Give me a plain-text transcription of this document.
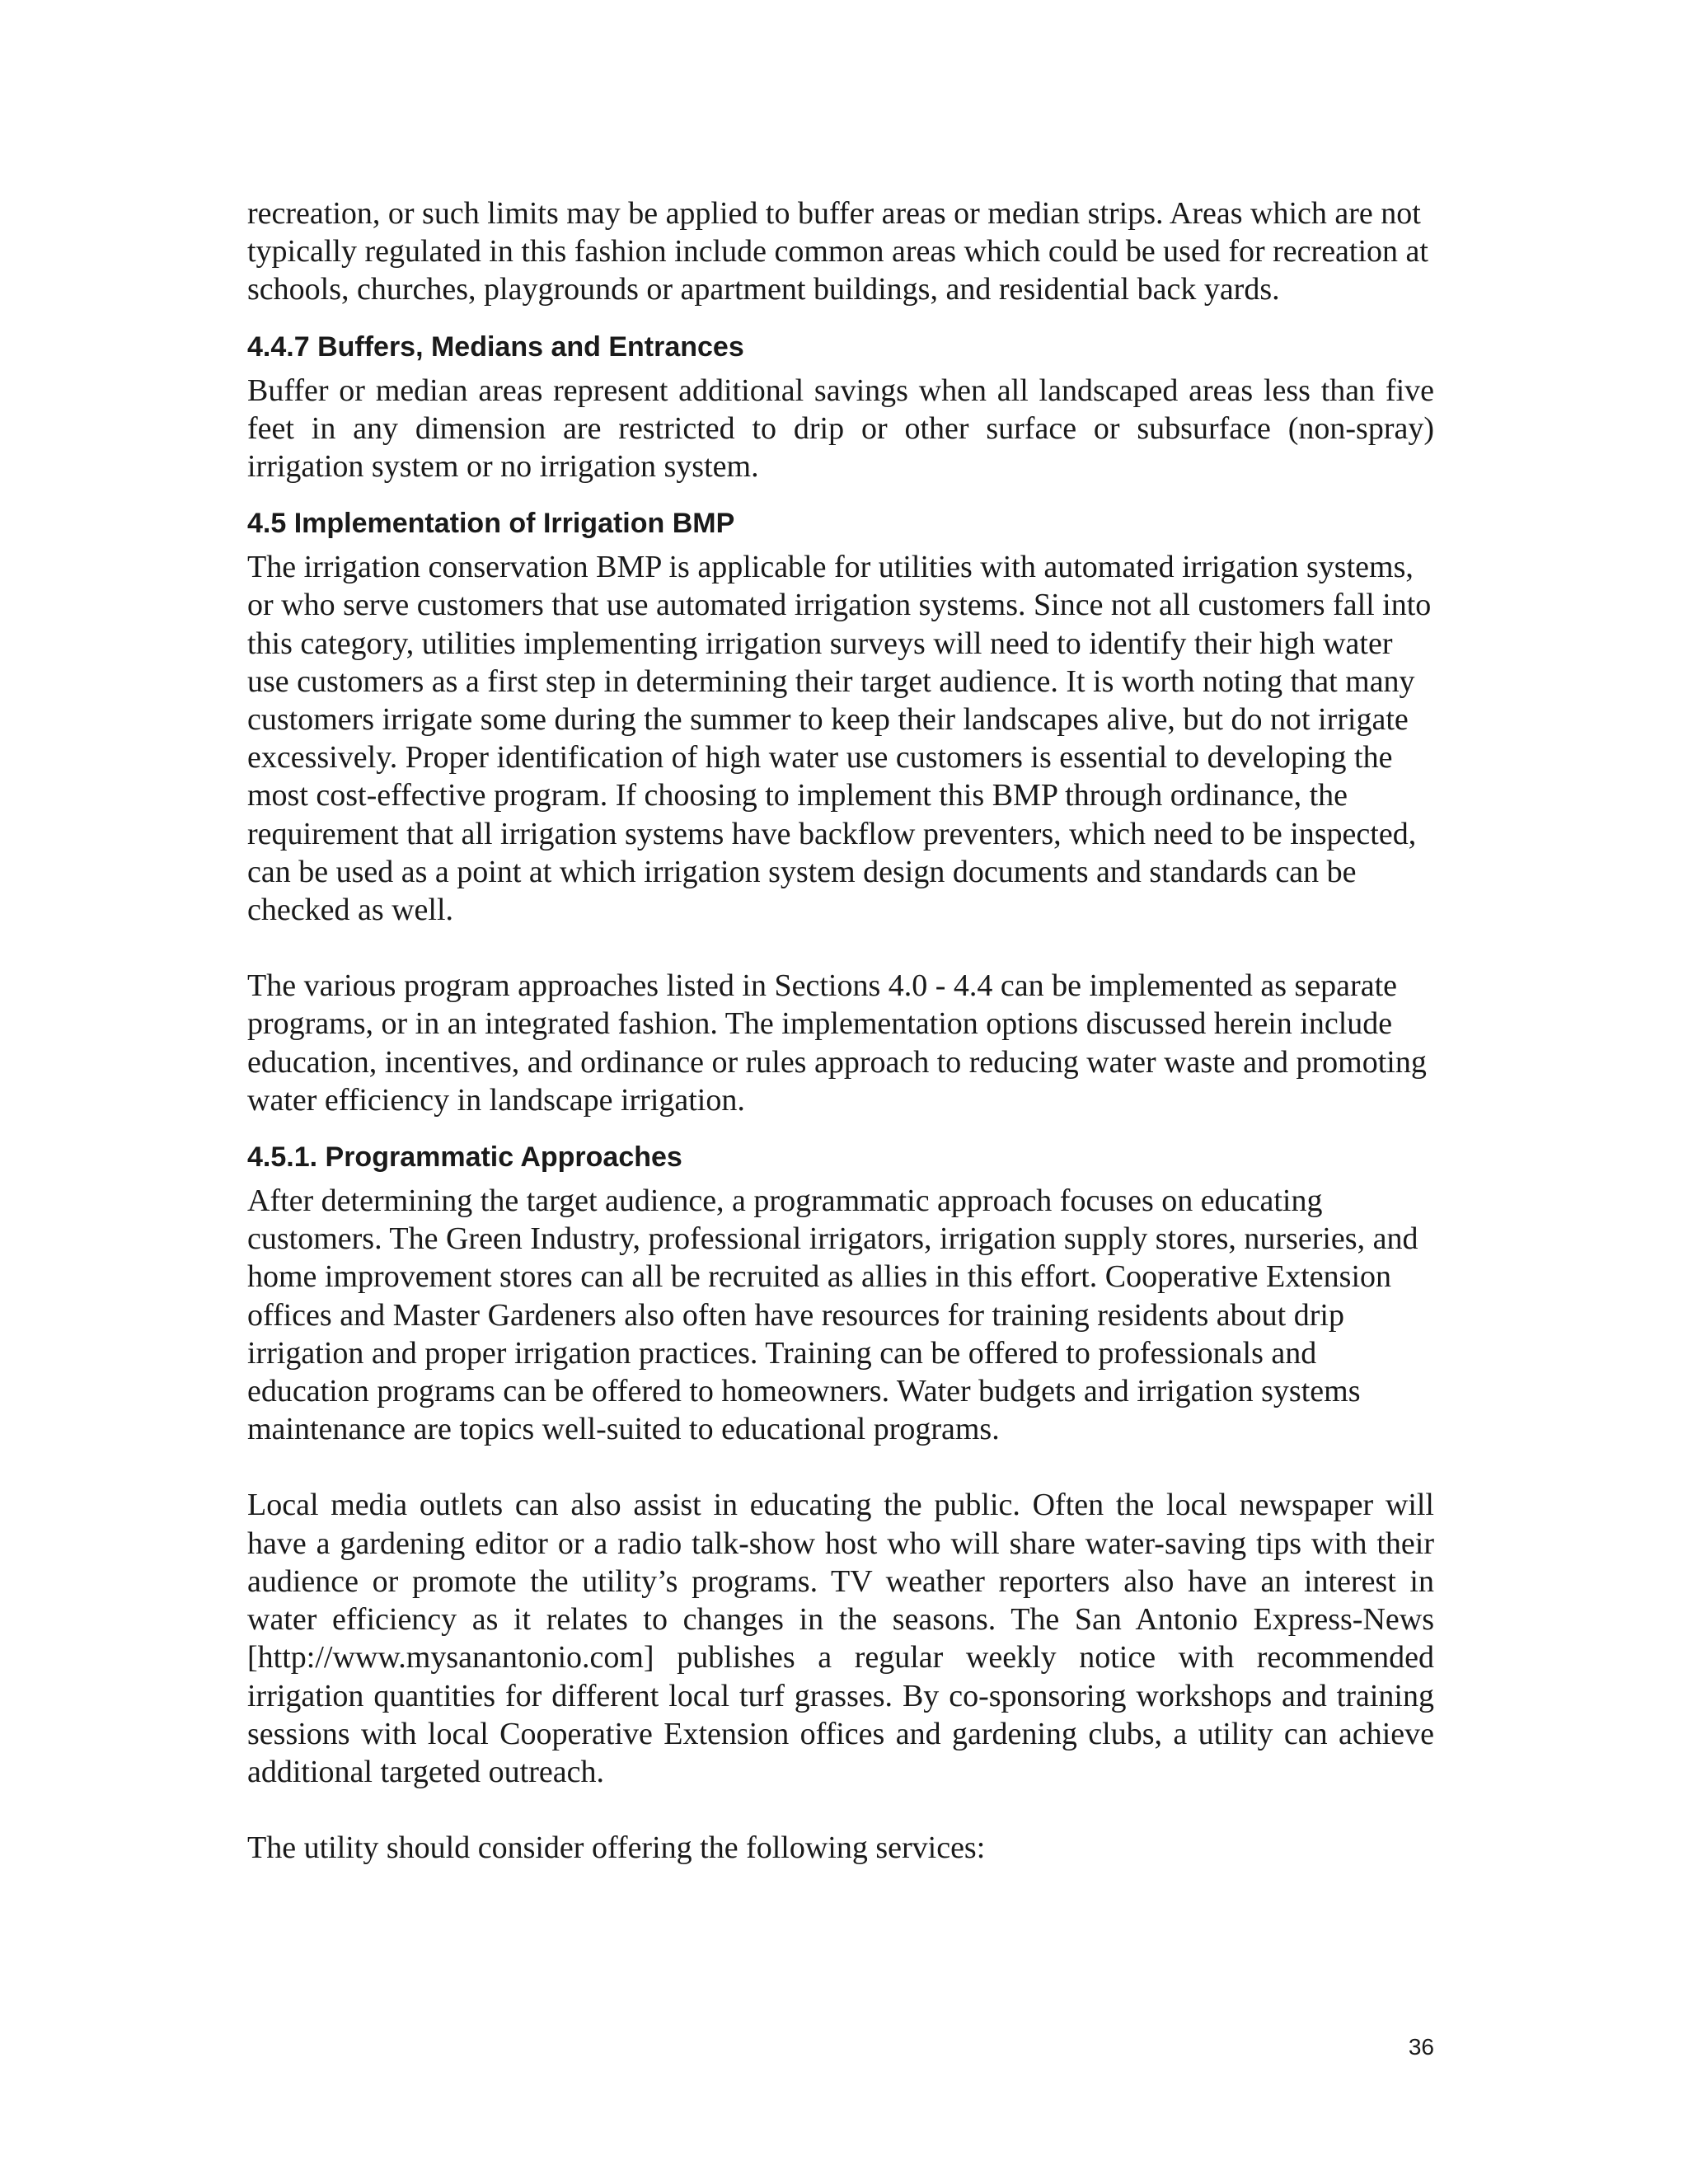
recreation, or such limits may be applied to buffer areas or median strips. Areas which are not typically regulated in this fashion include common areas which could be used for recreation at schools, churches, playgrounds or apartment buildings, and residential back yards.

4.4.7 Buffers, Medians and Entrances

Buffer or median areas represent additional savings when all landscaped areas less than five feet in any dimension are restricted to drip or other surface or subsurface (non-spray) irrigation system or no irrigation system.

4.5 Implementation of Irrigation BMP

The irrigation conservation BMP is applicable for utilities with automated irrigation systems, or who serve customers that use automated irrigation systems. Since not all customers fall into this category, utilities implementing irrigation surveys will need to identify their high water use customers as a first step in determining their target audience. It is worth noting that many customers irrigate some during the summer to keep their landscapes alive, but do not irrigate excessively. Proper identification of high water use customers is essential to developing the most cost-effective program. If choosing to implement this BMP through ordinance, the requirement that all irrigation systems have backflow preventers, which need to be inspected, can be used as a point at which irrigation system design documents and standards can be checked as well.

The various program approaches listed in Sections 4.0 - 4.4 can be implemented as separate programs, or in an integrated fashion. The implementation options discussed herein include education, incentives, and ordinance or rules approach to reducing water waste and promoting water efficiency in landscape irrigation.

4.5.1. Programmatic Approaches

After determining the target audience, a programmatic approach focuses on educating customers. The Green Industry, professional irrigators, irrigation supply stores, nurseries, and home improvement stores can all be recruited as allies in this effort. Cooperative Extension offices and Master Gardeners also often have resources for training residents about drip irrigation and proper irrigation practices. Training can be offered to professionals and education programs can be offered to homeowners. Water budgets and irrigation systems maintenance are topics well-suited to educational programs.

Local media outlets can also assist in educating the public. Often the local newspaper will have a gardening editor or a radio talk-show host who will share water-saving tips with their audience or promote the utility’s programs. TV weather reporters also have an interest in water efficiency as it relates to changes in the seasons. The San Antonio Express-News [http://www.mysanantonio.com] publishes a regular weekly notice with recommended irrigation quantities for different local turf grasses. By co-sponsoring workshops and training sessions with local Cooperative Extension offices and gardening clubs, a utility can achieve additional targeted outreach.

The utility should consider offering the following services:

36
